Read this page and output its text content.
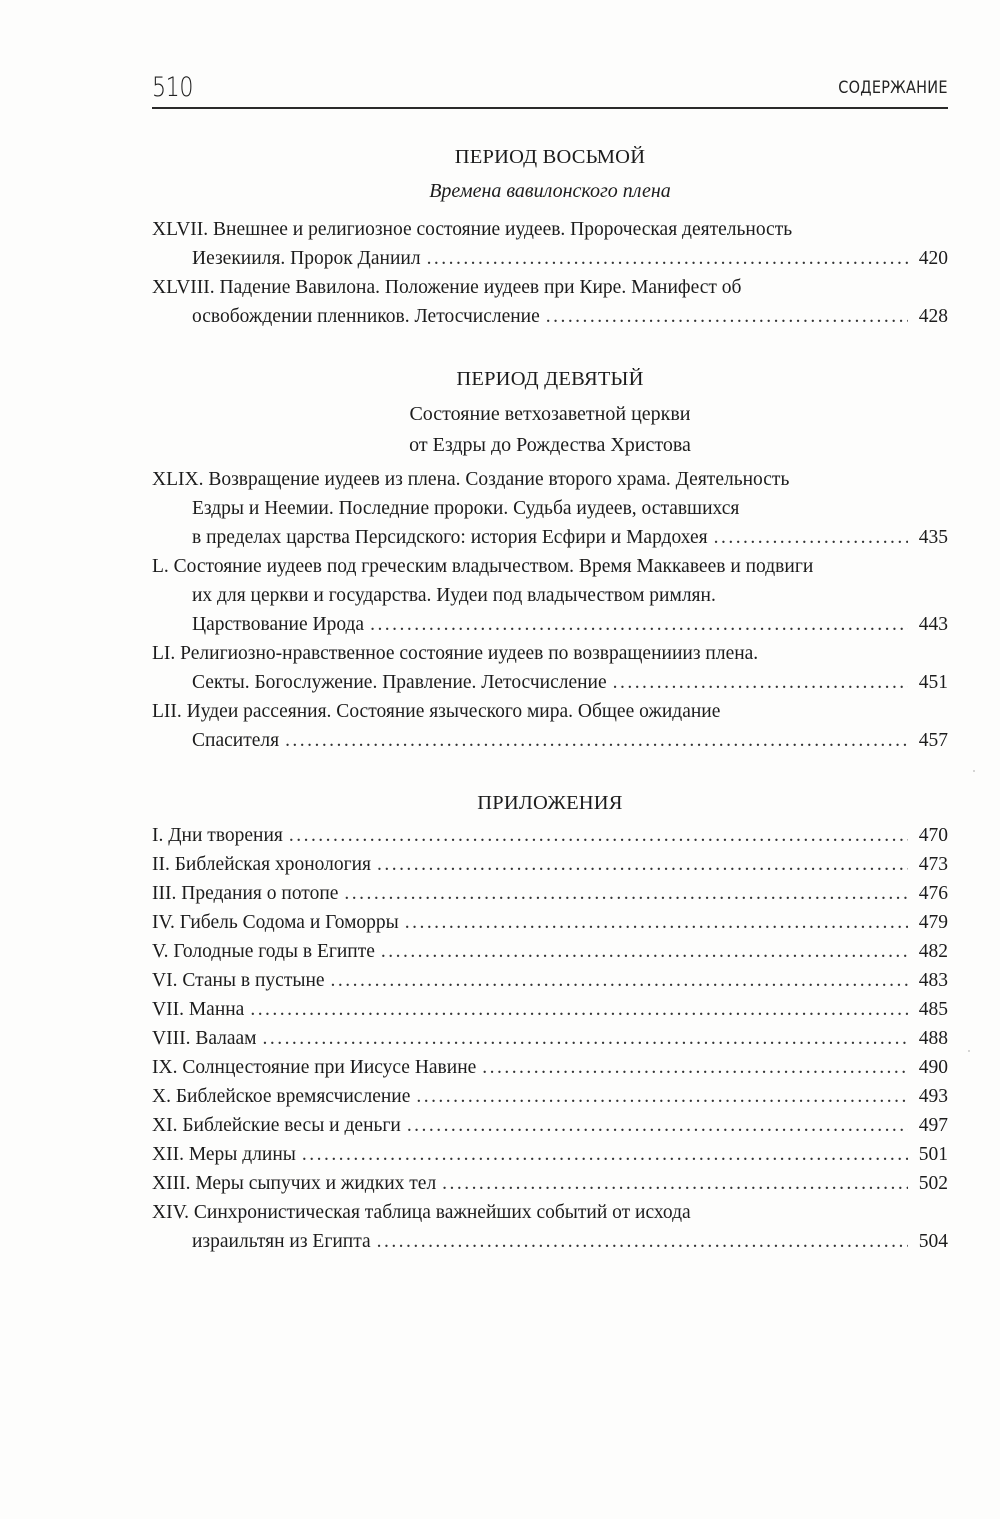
510	СОДЕРЖАНИЕ
ПЕРИОД ВОСЬМОЙ
Времена вавилонского плена
XLVII. Внешнее и религиозное состояние иудеев. Пророческая деятельность
Иезекииля. Пророк Даниил . . .	420
XLVIII. Падение Вавилона. Положение иудеев при Кире. Манифест об
освобождении пленников. Летосчисление . . .	428
ПЕРИОД ДЕВЯТЫЙ
Состояние ветхозаветной церкви
от Ездры до Рождества Христова
XLIX. Возвращение иудеев из плена. Создание второго храма. Деятельность
Ездры и Неемии. Последние пророки. Судьба иудеев, оставшихся
в пределах царства Персидского: история Есфири и Мардохея . . .	435
L. Состояние иудеев под греческим владычеством. Время Маккавеев и подвиги
их для церкви и государства. Иудеи под владычеством римлян.
Царствование Ирода . . .	443
LI. Религиозно-нравственное состояние иудеев по возвращениииз плена.
Секты. Богослужение. Правление. Летосчисление . . .	451
LII. Иудеи рассеяния. Состояние языческого мира. Общее ожидание
Спасителя . . .	457
ПРИЛОЖЕНИЯ
I. Дни творения . . .	470
II. Библейская хронология . . .	473
III. Предания о потопе . . .	476
IV. Гибель Содома и Гоморры . . .	479
V. Голодные годы в Египте . . .	482
VI. Станы в пустыне . . .	483
VII. Манна . . .	485
VIII. Валаам . . .	488
IX. Солнцестояние при Иисусе Навине . . .	490
X. Библейское времясчисление . . .	493
XI. Библейские весы и деньги . . .	497
XII. Меры длины . . .	501
XIII. Меры сыпучих и жидких тел . . .	502
XIV. Синхронистическая таблица важнейших событий от исхода
израильтян из Египта . . .	504
